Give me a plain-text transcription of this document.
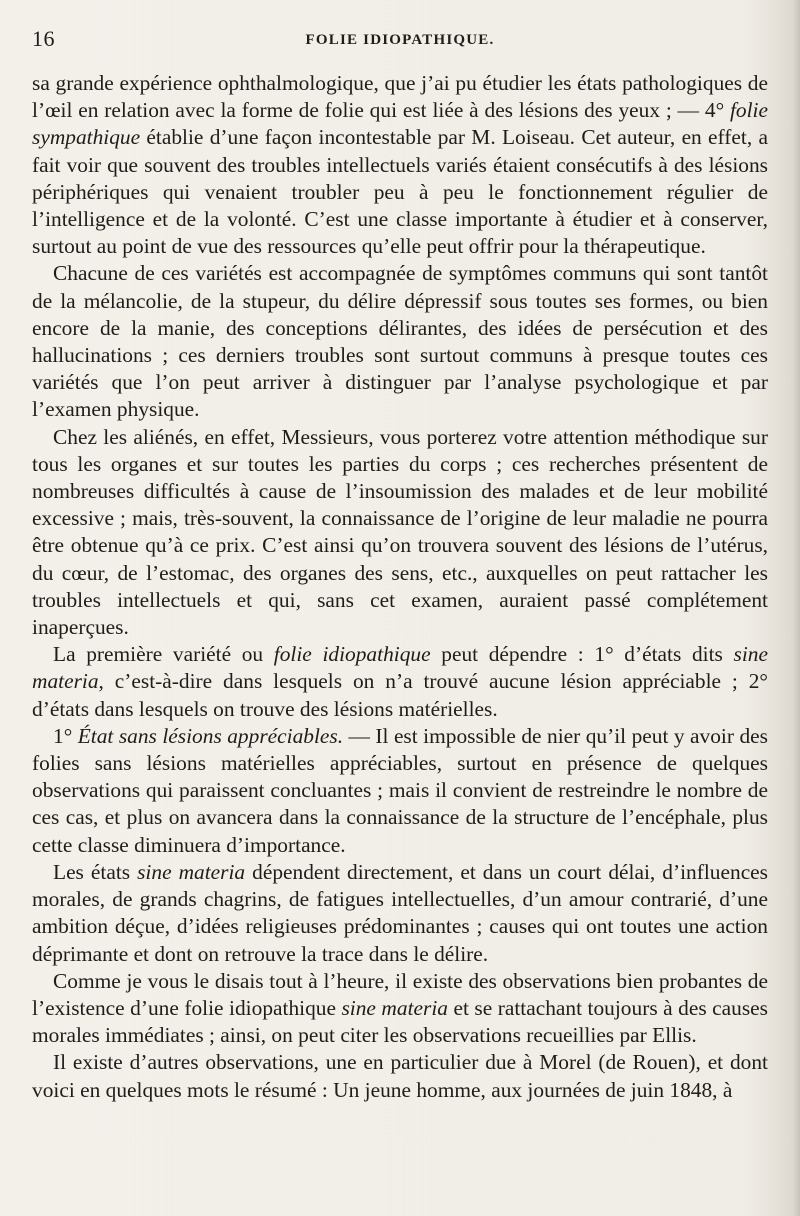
16	FOLIE IDIOPATHIQUE.

sa grande expérience ophthalmologique, que j’ai pu étudier les états pathologiques de l’œil en relation avec la forme de folie qui est liée à des lésions des yeux ; — 4° folie sympathique établie d’une façon incontestable par M. Loiseau. Cet auteur, en effet, a fait voir que souvent des troubles intellectuels variés étaient consécutifs à des lésions périphériques qui venaient troubler peu à peu le fonctionnement régulier de l’intelligence et de la volonté. C’est une classe importante à étudier et à conserver, surtout au point de vue des ressources qu’elle peut offrir pour la thérapeutique.

Chacune de ces variétés est accompagnée de symptômes communs qui sont tantôt de la mélancolie, de la stupeur, du délire dépressif sous toutes ses formes, ou bien encore de la manie, des conceptions délirantes, des idées de persécution et des hallucinations ; ces derniers troubles sont surtout communs à presque toutes ces variétés que l’on peut arriver à distinguer par l’analyse psychologique et par l’examen physique.

Chez les aliénés, en effet, Messieurs, vous porterez votre attention méthodique sur tous les organes et sur toutes les parties du corps ; ces recherches présentent de nombreuses difficultés à cause de l’insoumission des malades et de leur mobilité excessive ; mais, très-souvent, la connaissance de l’origine de leur maladie ne pourra être obtenue qu’à ce prix. C’est ainsi qu’on trouvera souvent des lésions de l’utérus, du cœur, de l’estomac, des organes des sens, etc., auxquelles on peut rattacher les troubles intellectuels et qui, sans cet examen, auraient passé complétement inaperçues.

La première variété ou folie idiopathique peut dépendre : 1° d’états dits sine materia, c’est-à-dire dans lesquels on n’a trouvé aucune lésion appréciable ; 2° d’états dans lesquels on trouve des lésions matérielles.

1° État sans lésions appréciables. — Il est impossible de nier qu’il peut y avoir des folies sans lésions matérielles appréciables, surtout en présence de quelques observations qui paraissent concluantes ; mais il convient de restreindre le nombre de ces cas, et plus on avancera dans la connaissance de la structure de l’encéphale, plus cette classe diminuera d’importance.

Les états sine materia dépendent directement, et dans un court délai, d’influences morales, de grands chagrins, de fatigues intellectuelles, d’un amour contrarié, d’une ambition déçue, d’idées religieuses prédominantes ; causes qui ont toutes une action déprimante et dont on retrouve la trace dans le délire.

Comme je vous le disais tout à l’heure, il existe des observations bien probantes de l’existence d’une folie idiopathique sine materia et se rattachant toujours à des causes morales immédiates ; ainsi, on peut citer les observations recueillies par Ellis.

Il existe d’autres observations, une en particulier due à Morel (de Rouen), et dont voici en quelques mots le résumé : Un jeune homme, aux journées de juin 1848, à
